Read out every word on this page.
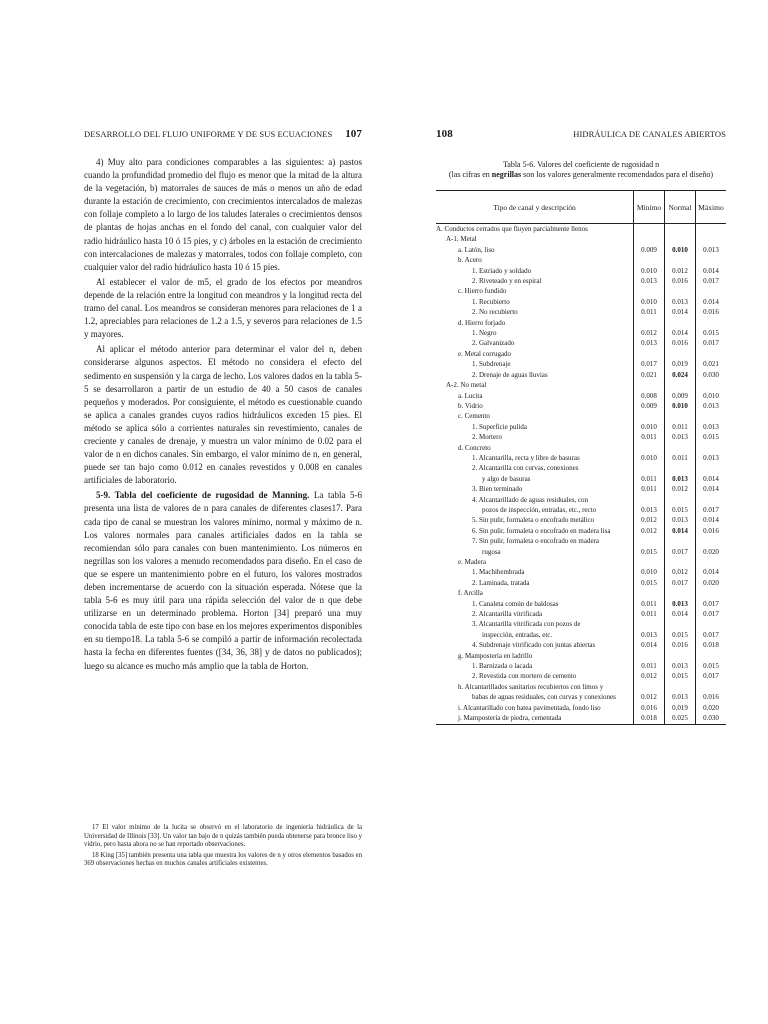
DESARROLLO DEL FLUJO UNIFORME Y DE SUS ECUACIONES 107

4) Muy alto para condiciones comparables a las siguientes: a) pastos cuando la profundidad promedio del flujo es menor que la mitad de la altura de la vegetación, b) matorrales de sauces de más o menos un año de edad durante la estación de crecimiento, con crecimientos intercalados de malezas con follaje completo a lo largo de los taludes laterales o crecimientos densos de plantas de hojas anchas en el fondo del canal, con cualquier valor del radio hidráulico hasta 10 ó 15 pies, y c) árboles en la estación de crecimiento con intercalaciones de malezas y matorrales, todos con follaje completo, con cualquier valor del radio hidráulico hasta 10 ó 15 pies.

Al establecer el valor de m5, el grado de los efectos por meandros depende de la relación entre la longitud con meandros y la longitud recta del tramo del canal. Los meandros se consideran menores para relaciones de 1 a 1.2, apreciables para relaciones de 1.2 a 1.5, y severos para relaciones de 1.5 y mayores.

Al aplicar el método anterior para determinar el valor del n, deben considerarse algunos aspectos. El método no considera el efecto del sedimento en suspensión y la carga de lecho. Los valores dados en la tabla 5-5 se desarrollaron a partir de un estudio de 40 a 50 casos de canales pequeños y moderados. Por consiguiente, el método es cuestionable cuando se aplica a canales grandes cuyos radios hidráulicos exceden 15 pies. El método se aplica sólo a corrientes naturales sin revestimiento, canales de creciente y canales de drenaje, y muestra un valor mínimo de 0.02 para el valor de n en dichos canales. Sin embargo, el valor mínimo de n, en general, puede ser tan bajo como 0.012 en canales revestidos y 0.008 en canales artificiales de laboratorio.

5-9. Tabla del coeficiente de rugosidad de Manning. La tabla 5-6 presenta una lista de valores de n para canales de diferentes clases17. Para cada tipo de canal se muestran los valores mínimo, normal y máximo de n. Los valores normales para canales artificiales dados en la tabla se recomiendan sólo para canales con buen mantenimiento. Los números en negrillas son los valores a menudo recomendados para diseño. En el caso de que se espere un mantenimiento pobre en el futuro, los valores mostrados deben incrementarse de acuerdo con la situación esperada. Nótese que la tabla 5-6 es muy útil para una rápida selección del valor de n que debe utilizarse en un determinado problema. Horton [34] preparó una muy conocida tabla de este tipo con base en los mejores experimentos disponibles en su tiempo18. La tabla 5-6 se compiló a partir de información recolectada hasta la fecha en diferentes fuentes ([34, 36, 38] y de datos no publicados); luego su alcance es mucho más amplio que la tabla de Horton.

17 El valor mínimo de la lucita se observó en el laboratorio de ingeniería hidráulica de la Universidad de Illinois [33]. Un valor tan bajo de n quizás también pueda obtenerse para bronce liso y vidrio, pero hasta ahora no se han reportado observaciones.

18 King [35] también presenta una tabla que muestra los valores de n y otros elementos basados en 369 observaciones hechas en muchos canales artificiales existentes.

108	HIDRÁULICA DE CANALES ABIERTOS
Tabla 5-6. Valores del coeficiente de rugosidad n
(las cifras en negrillas son los valores generalmente recomendados para el diseño)
Tipo de canal y descripción	Mínimo	Normal	Máximo
A. Conductos cerrados que fluyen parcialmente llenos			
A-1. Metal			
a. Latón, liso	0.009	0.010	0.013
b. Acero			
1. Estriado y soldado	0.010	0.012	0.014
2. Riveteado y en espiral	0.013	0.016	0.017
c. Hierro fundido			
1. Recubierto	0.010	0.013	0.014
2. No recubierto	0.011	0.014	0.016
d. Hierro forjado			
1. Negro	0.012	0.014	0.015
2. Galvanizado	0.013	0.016	0.017
e. Metal corrugado			
1. Subdrenaje	0.017	0.019	0.021
2. Drenaje de aguas lluvias	0.021	0.024	0.030
A-2. No metal			
a. Lucita	0.008	0.009	0.010
b. Vidrio	0.009	0.010	0.013
c. Cemento			
1. Superficie pulida	0.010	0.011	0.013
2. Mortero	0.011	0.013	0.015
d. Concreto			
1. Alcantarilla, recta y libre de basuras	0.010	0.011	0.013
2. Alcantarilla con curvas, conexiones			
y algo de basuras	0.011	0.013	0.014
3. Bien terminado	0.011	0.012	0.014
4. Alcantarillado de aguas residuales, con			
pozos de inspección, entradas, etc., recto	0.013	0.015	0.017
5. Sin pulir, formaleta o encofrado metálico	0.012	0.013	0.014
6. Sin pulir, formaleta o encofrado en madera lisa	0.012	0.014	0.016
7. Sin pulir, formaleta o encofrado en madera			
rugosa	0.015	0.017	0.020
e. Madera			
1. Machihembrada	0.010	0.012	0.014
2. Laminada, tratada	0.015	0.017	0.020
f. Arcilla			
1. Canaleta común de baldosas	0.011	0.013	0.017
2. Alcantarilla vitrificada	0.011	0.014	0.017
3. Alcantarilla vitrificada con pozos de			
inspección, entradas, etc.	0.013	0.015	0.017
4. Subdrenaje vitrificado con juntas abiertas	0.014	0.016	0.018
g. Mampostería en ladrillo			
1. Barnizada o lacada	0.011	0.013	0.015
2. Revestida con mortero de cemento	0.012	0.015	0.017
h. Alcantarillados sanitarios recubiertos con limos y			
babas de aguas residuales, con curvas y conexiones	0.012	0.013	0.016
i. Alcantarillado con batea pavimentada, fondo liso	0.016	0.019	0.020
j. Mampostería de piedra, cementada	0.018	0.025	0.030
